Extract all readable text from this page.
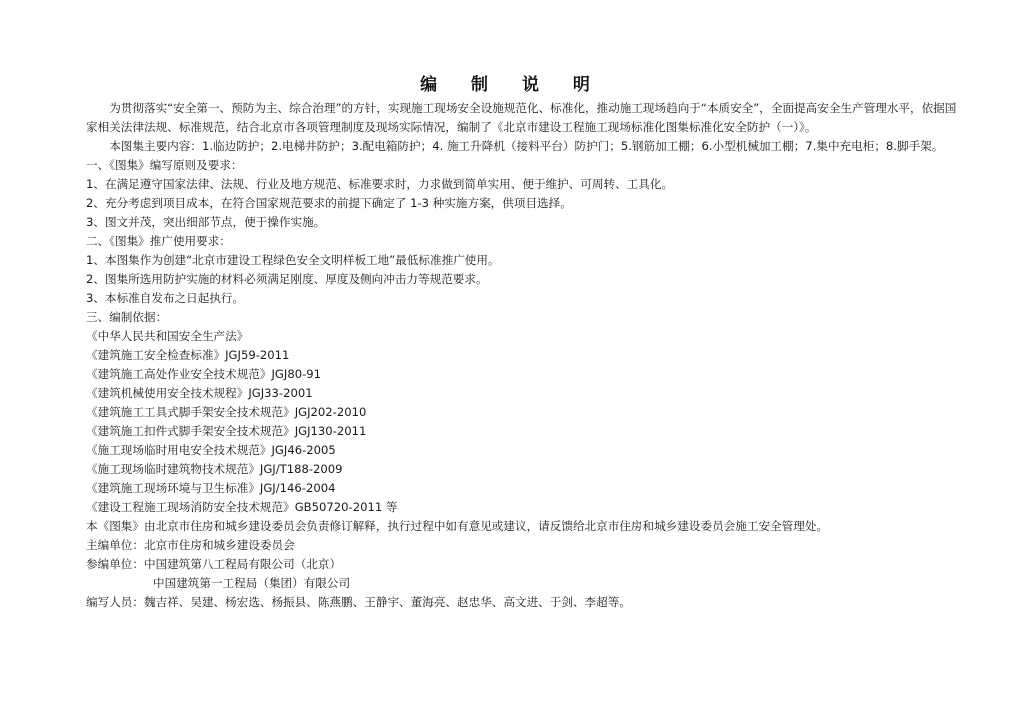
编 制 说 明

为贯彻落实“安全第一、预防为主、综合治理”的方针，实现施工现场安全设施规范化、标准化，推动施工现场趋向于“本质安全”，全面提高安全生产管理水平，依据国家相关法律法规、标准规范，结合北京市各项管理制度及现场实际情况，编制了《北京市建设工程施工现场标准化图集标准化安全防护（一）》。

本图集主要内容：1.临边防护；2.电梯井防护；3.配电箱防护；4. 施工升降机（接料平台）防护门；5.钢筋加工棚；6.小型机械加工棚；7.集中充电柜；8.脚手架。

一、《图集》编写原则及要求：

1、在满足遵守国家法律、法规、行业及地方规范、标准要求时，力求做到简单实用、便于维护、可周转、工具化。

2、充分考虑到项目成本，在符合国家规范要求的前提下确定了 1-3 种实施方案，供项目选择。

3、图文并茂，突出细部节点，便于操作实施。

二、《图集》推广使用要求：

1、本图集作为创建“北京市建设工程绿色安全文明样板工地”最低标准推广使用。

2、图集所选用防护实施的材料必须满足刚度、厚度及侧向冲击力等规范要求。

3、本标准自发布之日起执行。

三、编制依据：

《中华人民共和国安全生产法》

《建筑施工安全检查标准》JGJ59-2011

《建筑施工高处作业安全技术规范》JGJ80-91

《建筑机械使用安全技术规程》JGJ33-2001

《建筑施工工具式脚手架安全技术规范》JGJ202-2010

《建筑施工扣件式脚手架安全技术规范》JGJ130-2011

《施工现场临时用电安全技术规范》JGJ46-2005

《施工现场临时建筑物技术规范》JGJ/T188-2009

《建筑施工现场环境与卫生标准》JGJ/146-2004

《建设工程施工现场消防安全技术规范》GB50720-2011 等

本《图集》由北京市住房和城乡建设委员会负责修订解释，执行过程中如有意见或建议，请反馈给北京市住房和城乡建设委员会施工安全管理处。

主编单位：北京市住房和城乡建设委员会

参编单位：中国建筑第八工程局有限公司（北京）

中国建筑第一工程局（集团）有限公司

编写人员：魏吉祥、吴建、杨宏选、杨振县、陈燕鹏、王静宇、董海亮、赵忠华、高文进、于剑、李超等。
